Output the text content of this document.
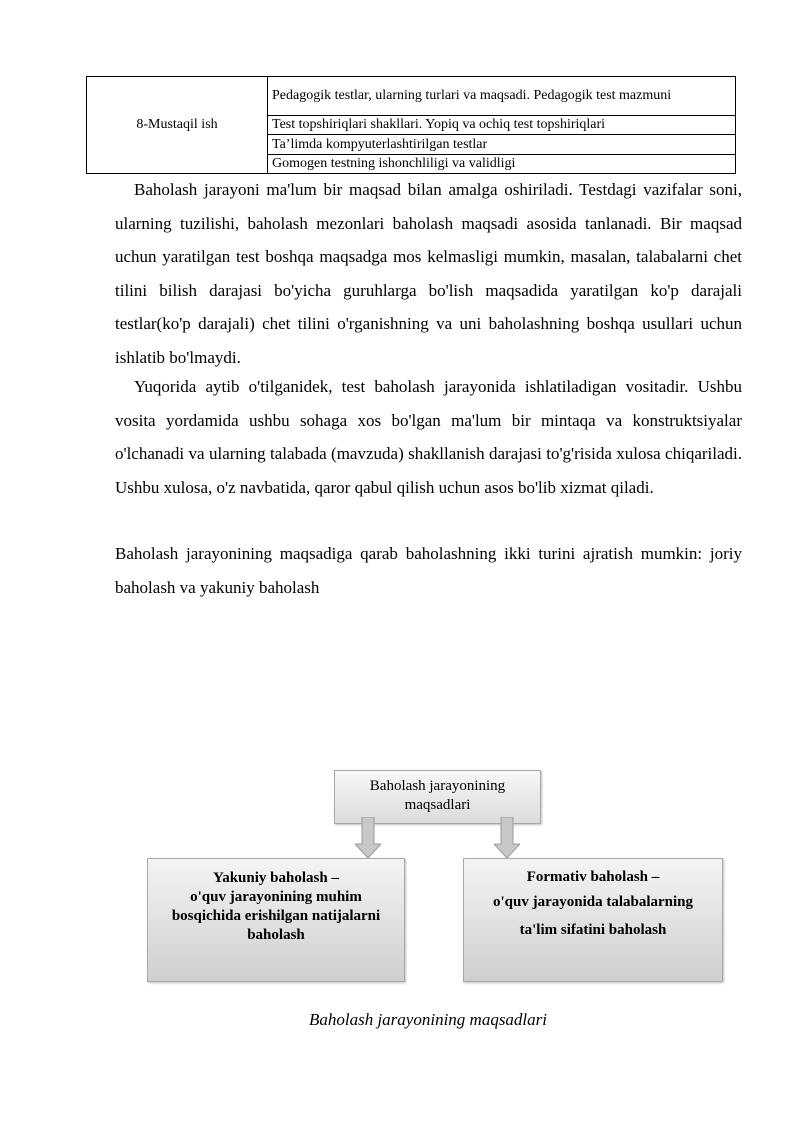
8-Mustaqil ish	Pedagogik testlar, ularning turlari va maqsadi. Pedagogik test mazmuni
Test topshiriqlari shakllari. Yopiq va ochiq test topshiriqlari
Ta’limda kompyuterlashtirilgan testlar
Gomogen testning ishonchliligi va validligi

Baholash jarayoni ma'lum bir maqsad bilan amalga oshiriladi. Testdagi vazifalar soni, ularning tuzilishi, baholash mezonlari baholash maqsadi asosida tanlanadi. Bir maqsad uchun yaratilgan test boshqa maqsadga mos kelmasligi mumkin, masalan, talabalarni chet tilini bilish darajasi bo'yicha guruhlarga bo'lish maqsadida yaratilgan ko'p darajali testlar(ko'p darajali) chet tilini o'rganishning va uni baholashning boshqa usullari uchun ishlatib bo'lmaydi.

Yuqorida aytib o'tilganidek, test baholash jarayonida ishlatiladigan vositadir. Ushbu vosita yordamida ushbu sohaga xos bo'lgan ma'lum bir mintaqa va konstruktsiyalar o'lchanadi va ularning talabada (mavzuda) shakllanish darajasi to'g'risida xulosa chiqariladi. Ushbu xulosa, o'z navbatida, qaror qabul qilish uchun asos bo'lib xizmat qiladi.

Baholash jarayonining maqsadiga qarab baholashning ikki turini ajratish mumkin: joriy baholash va yakuniy baholash

Baholash jarayonining
maqsadlari
Yakuniy baholash –
o'quv jarayonining muhim
bosqichida erishilgan natijalarni
baholash
Formativ baholash –
o'quv jarayonida talabalarning
ta'lim sifatini baholash
Baholash jarayonining maqsadlari
